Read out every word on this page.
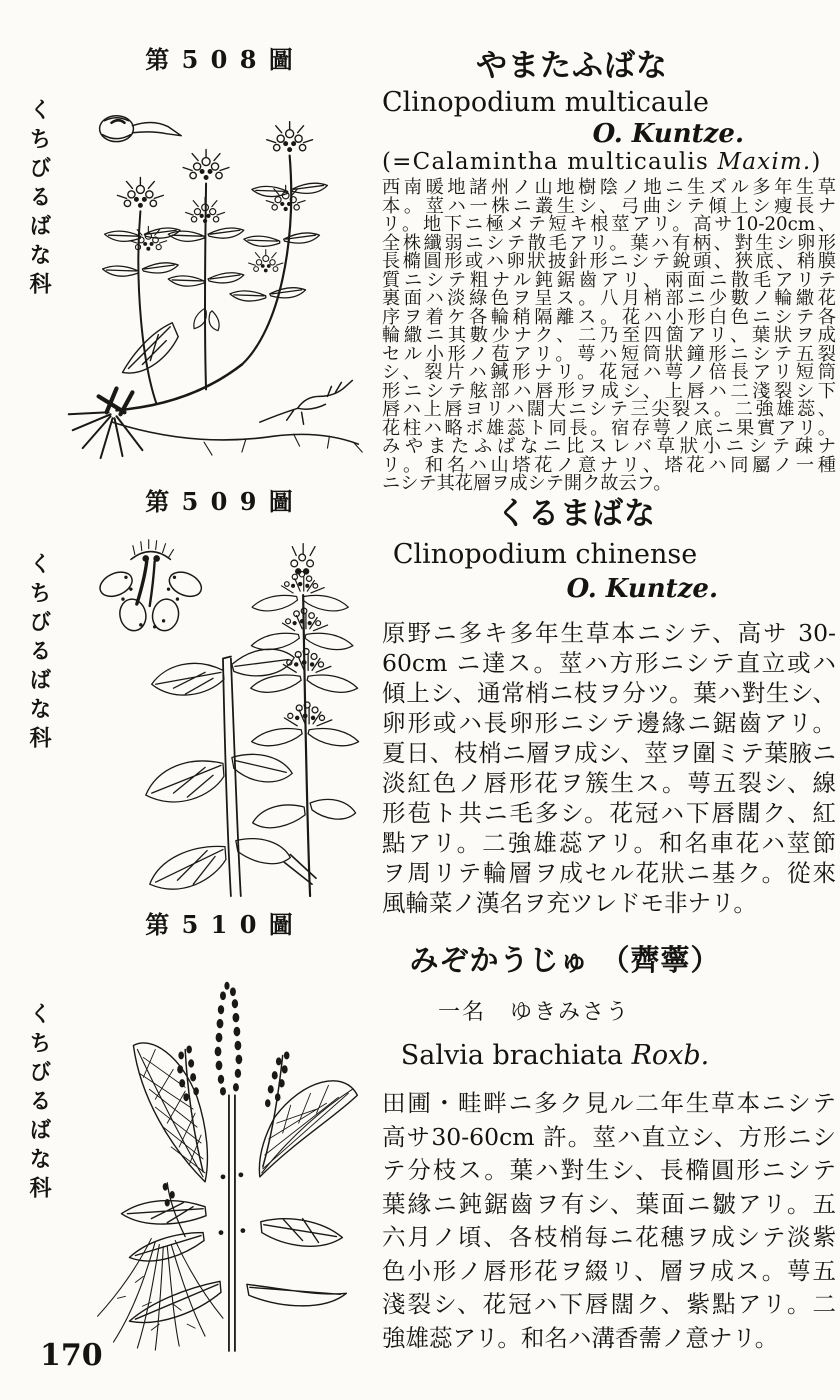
第 5 0 8 圖
くちびるばな科
やまたふばな
Clinopodium multicaule
O. Kuntze.
(=Calamintha multicaulis Maxim.)
西南暖地諸州ノ山地樹陰ノ地ニ生ズル多年生草
本。莖ハ一株ニ叢生シ、弓曲シテ傾上シ瘦長ナ
リ。地下ニ極メテ短キ根莖アリ。高サ10-20cm、
全株纖弱ニシテ散毛アリ。葉ハ有柄、對生シ卵形
長橢圓形或ハ卵狀披針形ニシテ銳頭、狹底、稍膜
質ニシテ粗ナル鈍鋸齒アリ、兩面ニ散毛アリテ
裏面ハ淡綠色ヲ呈ス。八月梢部ニ少數ノ輪繖花
序ヲ着ケ各輪稍隔離ス。花ハ小形白色ニシテ各
輪繖ニ其數少ナク、二乃至四箇アリ、葉狀ヲ成
セル小形ノ苞アリ。萼ハ短筒狀鐘形ニシテ五裂
シ、裂片ハ鍼形ナリ。花冠ハ萼ノ倍長アリ短筒
形ニシテ舷部ハ唇形ヲ成シ、上唇ハ二淺裂シ下
唇ハ上唇ヨリハ闊大ニシテ三尖裂ス。二強雄蕊、
花柱ハ略ボ雄蕊ト同長。宿存萼ノ底ニ果實アリ。
みやまたふばなニ比スレバ草狀小ニシテ疎ナ
リ。和名ハ山塔花ノ意ナリ、塔花ハ同屬ノ一種
ニシテ其花層ヲ成シテ開ク故云フ。
第 5 0 9 圖
くちびるばな科
くるまばな
Clinopodium chinense
O. Kuntze.
原野ニ多キ多年生草本ニシテ、高サ 30-
60cm ニ達ス。莖ハ方形ニシテ直立或ハ
傾上シ、通常梢ニ枝ヲ分ツ。葉ハ對生シ、
卵形或ハ長卵形ニシテ邊緣ニ鋸齒アリ。
夏日、枝梢ニ層ヲ成シ、莖ヲ圍ミテ葉腋ニ
淡紅色ノ唇形花ヲ簇生ス。萼五裂シ、線
形苞ト共ニ毛多シ。花冠ハ下唇闊ク、紅
點アリ。二強雄蕊アリ。和名車花ハ莖節
ヲ周リテ輪層ヲ成セル花狀ニ基ク。從來
風輪菜ノ漢名ヲ充ツレドモ非ナリ。
第 5 1 0 圖
くちびるばな科
みぞかうじゅ （薺薴）
一名　ゆきみさう
Salvia brachiata Roxb.
田圃・畦畔ニ多ク見ル二年生草本ニシテ
高サ30-60cm 許。莖ハ直立シ、方形ニシ
テ分枝ス。葉ハ對生シ、長橢圓形ニシテ
葉緣ニ鈍鋸齒ヲ有シ、葉面ニ皺アリ。五
六月ノ頃、各枝梢每ニ花穗ヲ成シテ淡紫
色小形ノ唇形花ヲ綴リ、層ヲ成ス。萼五
淺裂シ、花冠ハ下唇闊ク、紫點アリ。二
強雄蕊アリ。和名ハ溝香薷ノ意ナリ。
170
